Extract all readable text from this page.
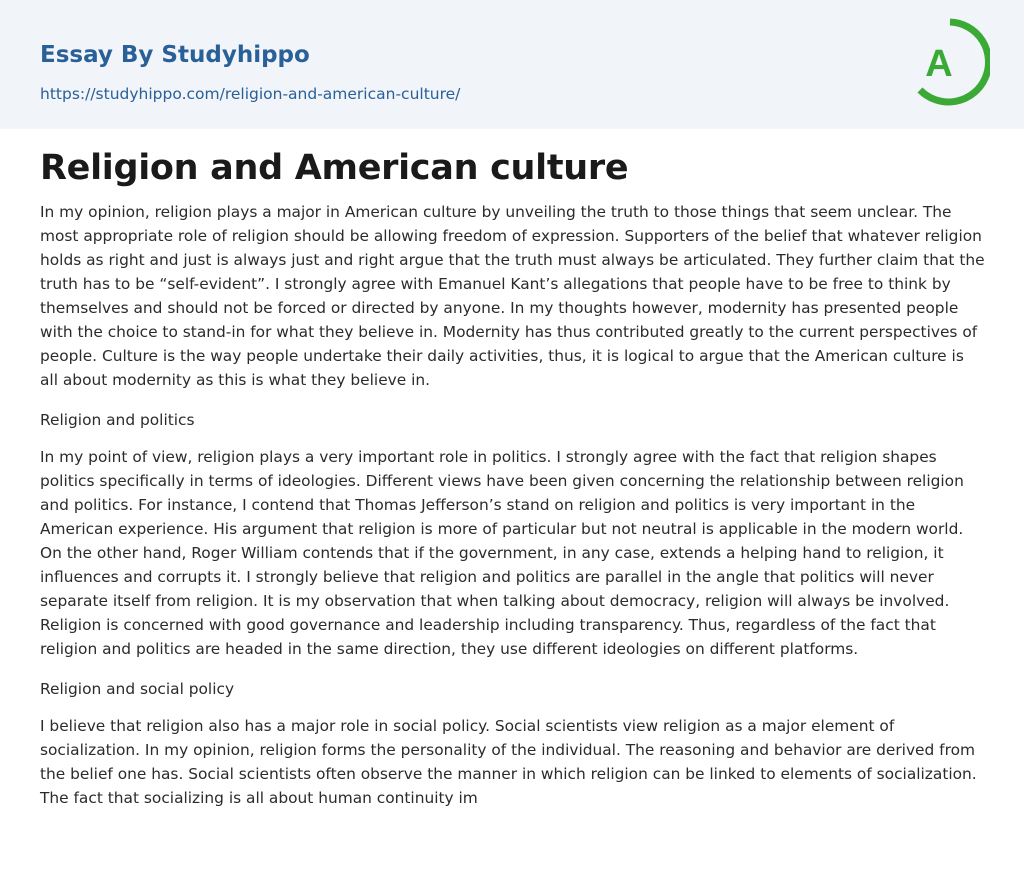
Essay By Studyhippo
https://studyhippo.com/religion-and-american-culture/
A
Religion and American culture

In my opinion, religion plays a major in American culture by unveiling the truth to those things that seem unclear. The most appropriate role of religion should be allowing freedom of expression. Supporters of the belief that whatever religion holds as right and just is always just and right argue that the truth must always be articulated. They further claim that the truth has to be “self-evident”. I strongly agree with Emanuel Kant’s allegations that people have to be free to think by themselves and should not be forced or directed by anyone. In my thoughts however, modernity has presented people with the choice to stand-in for what they believe in. Modernity has thus contributed greatly to the current perspectives of people. Culture is the way people undertake their daily activities, thus, it is logical to argue that the American culture is all about modernity as this is what they believe in.

Religion and politics

In my point of view, religion plays a very important role in politics. I strongly agree with the fact that religion shapes politics specifically in terms of ideologies. Different views have been given concerning the relationship between religion and politics. For instance, I contend that Thomas Jefferson’s stand on religion and politics is very important in the American experience. His argument that religion is more of particular but not neutral is applicable in the modern world. On the other hand, Roger William contends that if the government, in any case, extends a helping hand to religion, it influences and corrupts it. I strongly believe that religion and politics are parallel in the angle that politics will never separate itself from religion. It is my observation that when talking about democracy, religion will always be involved. Religion is concerned with good governance and leadership including transparency. Thus, regardless of the fact that religion and politics are headed in the same direction, they use different ideologies on different platforms.

Religion and social policy

I believe that religion also has a major role in social policy. Social scientists view religion as a major element of socialization. In my opinion, religion forms the personality of the individual. The reasoning and behavior are derived from the belief one has. Social scientists often observe the manner in which religion can be linked to elements of socialization. The fact that socializing is all about human continuity im
